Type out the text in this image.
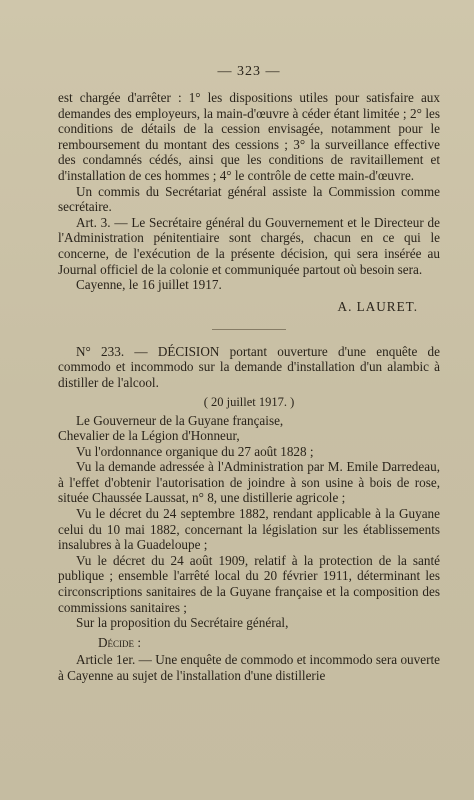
— 323 —

est chargée d'arrêter : 1° les dispositions utiles pour satisfaire aux demandes des employeurs, la main-d'œuvre à céder étant limitée ; 2° les conditions de détails de la cession envisagée, notamment pour le remboursement du montant des cessions ; 3° la surveillance effective des condamnés cédés, ainsi que les conditions de ravitaillement et d'installation de ces hommes ; 4° le contrôle de cette main-d'œuvre.

Un commis du Secrétariat général assiste la Commission comme secrétaire.

Art. 3. — Le Secrétaire général du Gouvernement et le Directeur de l'Administration pénitentiaire sont chargés, chacun en ce qui le concerne, de l'exécution de la présente décision, qui sera insérée au Journal officiel de la colonie et communiquée partout où besoin sera.

Cayenne, le 16 juillet 1917.

A. LAURET.

N° 233. — DÉCISION portant ouverture d'une enquête de commodo et incommodo sur la demande d'installation d'un alambic à distiller de l'alcool.

( 20 juillet 1917. )

Le Gouverneur de la Guyane française,

Chevalier de la Légion d'Honneur,

Vu l'ordonnance organique du 27 août 1828 ;

Vu la demande adressée à l'Administration par M. Emile Darredeau, à l'effet d'obtenir l'autorisation de joindre à son usine à bois de rose, située Chaussée Laussat, n° 8, une distillerie agricole ;

Vu le décret du 24 septembre 1882, rendant applicable à la Guyane celui du 10 mai 1882, concernant la législation sur les établissements insalubres à la Guadeloupe ;

Vu le décret du 24 août 1909, relatif à la protection de la santé publique ; ensemble l'arrêté local du 20 février 1911, déterminant les circonscriptions sanitaires de la Guyane française et la composition des commissions sanitaires ;

Sur la proposition du Secrétaire général,

Décide :

Article 1er. — Une enquête de commodo et incommodo sera ouverte à Cayenne au sujet de l'installation d'une distillerie
